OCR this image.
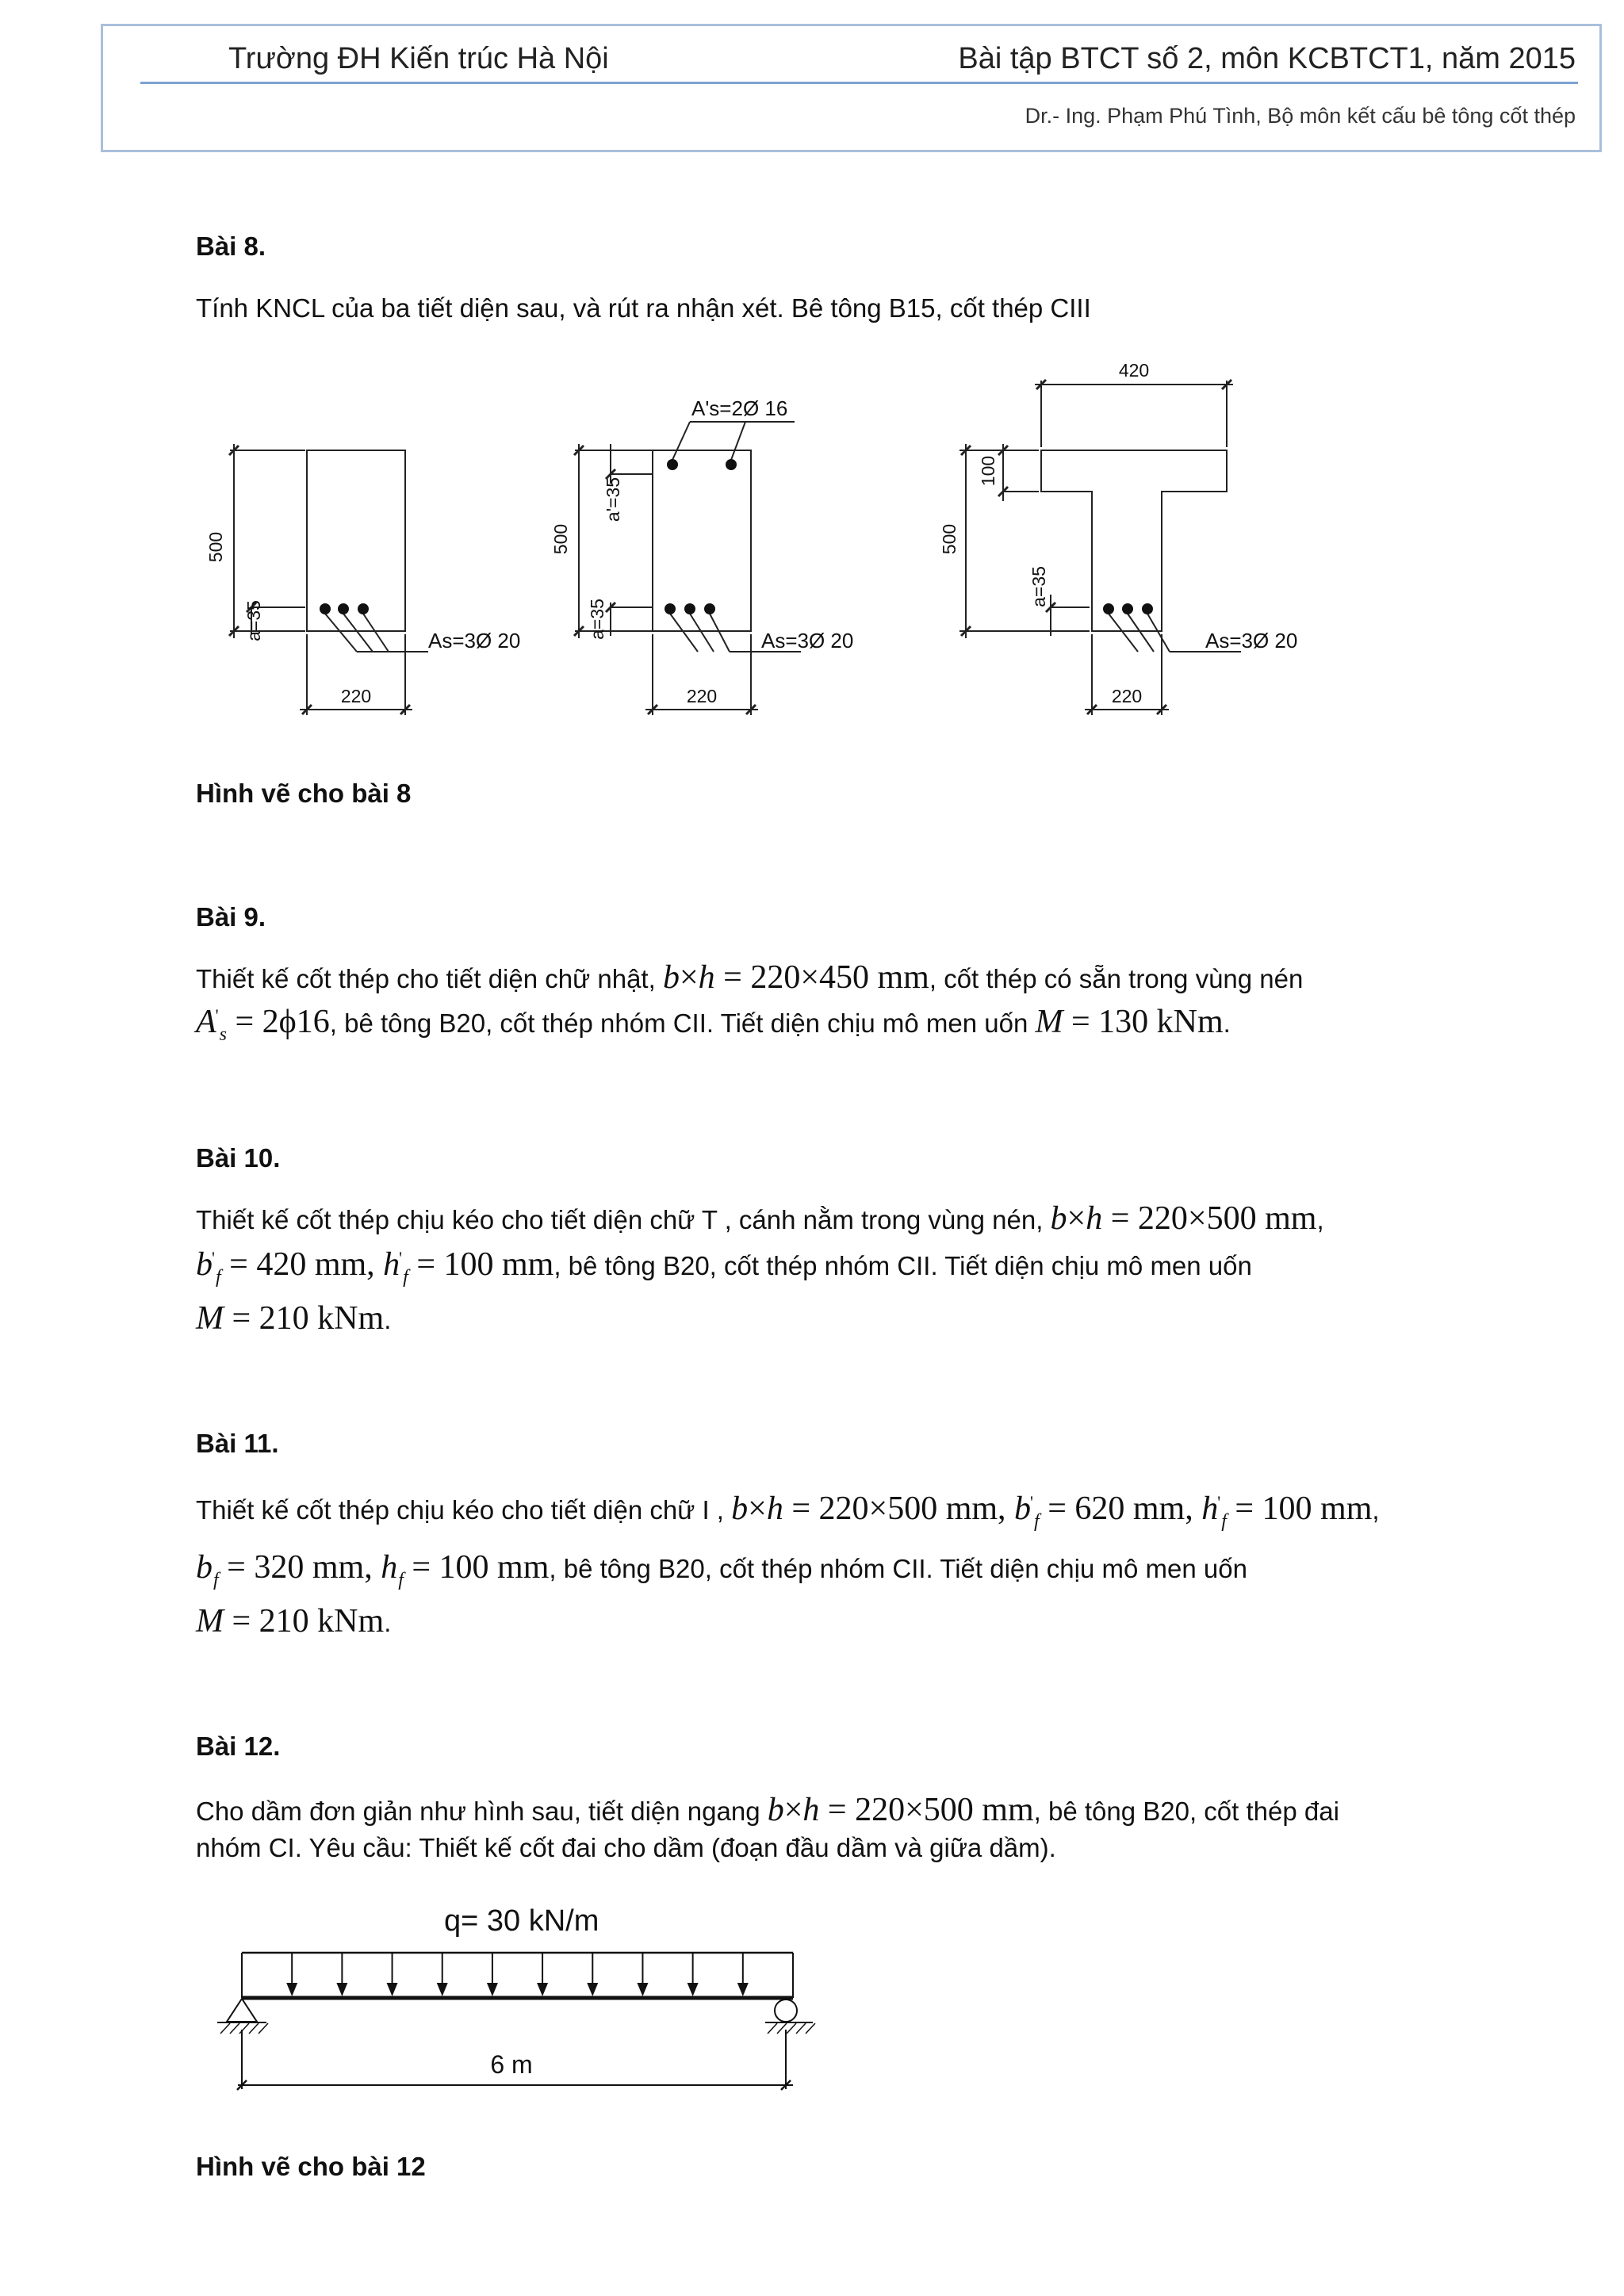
Trường ĐH Kiến trúc Hà Nội	Bài tập BTCT số 2, môn KCBTCT1, năm 2015
Dr.- Ing. Phạm Phú Tình, Bộ môn kết cấu bê tông cốt thép
Bài 8.
Tính KNCL của ba tiết diện sau, và rút ra nhận xét. Bê tông B15, cốt thép CIII
500
a=35
220
As=3Ø 20
500
a'=35
a=35
220
As=3Ø 20
A's=2Ø 16
500
100
a=35
420
220
As=3Ø 20
Hình vẽ cho bài 8
Bài 9.
Thiết kế cốt thép cho tiết diện chữ nhật, b×h = 220×450 mm, cốt thép có sẵn trong vùng nén
$A'_s = 2\phi 16$, bê tông B20, cốt thép nhóm CII. Tiết diện chịu mô men uốn M = 130 kNm.
Bài 10.
Thiết kế cốt thép chịu kéo cho tiết diện chữ T , cánh nằm trong vùng nén, b×h = 220×500 mm,
$b'_f = 420$ mm, $h'_f = 100$ mm, bê tông B20, cốt thép nhóm CII. Tiết diện chịu mô men uốn
M = 210 kNm.
Bài 11.
Thiết kế cốt thép chịu kéo cho tiết diện chữ I , b×h = 220×500 mm, $b'_f = 620$ mm, $h'_f = 100$ mm,
$b_f = 320$ mm, $h_f = 100$ mm, bê tông B20, cốt thép nhóm CII. Tiết diện chịu mô men uốn
M = 210 kNm.
Bài 12.
Cho dầm đơn giản như hình sau, tiết diện ngang b×h = 220×500 mm, bê tông B20, cốt thép đai
nhóm CI. Yêu cầu: Thiết kế cốt đai cho dầm (đoạn đầu dầm và giữa dầm).
q= 30 kN/m
6 m
Hình vẽ cho bài 12
